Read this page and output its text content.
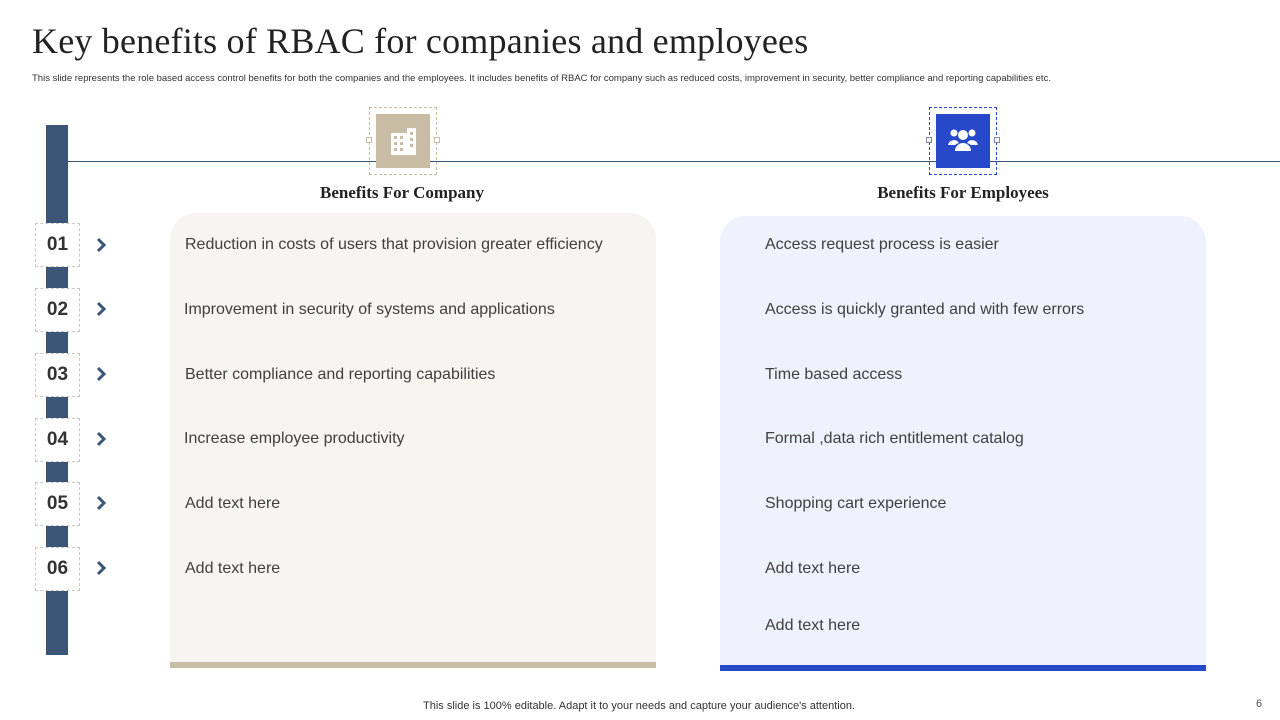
Key benefits of RBAC for companies and employees
This slide represents the role based access control benefits for both the companies and the employees. It includes benefits of RBAC for company such as reduced costs, improvement in security, better compliance and reporting capabilities etc.
01
02
03
04
05
06
Benefits For Company	Benefits For Employees
Reduction in costs of users that provision greater efficiency
Improvement in security of systems and applications
Better compliance and reporting capabilities
Increase employee productivity
Add text here
Add text here
Access request process is easier
Access is quickly granted and with few errors
Time based access
Formal ,data rich entitlement catalog
Shopping cart experience
Add text here
Add text here
This slide is 100% editable. Adapt it to your needs and capture your audience's attention.	6
